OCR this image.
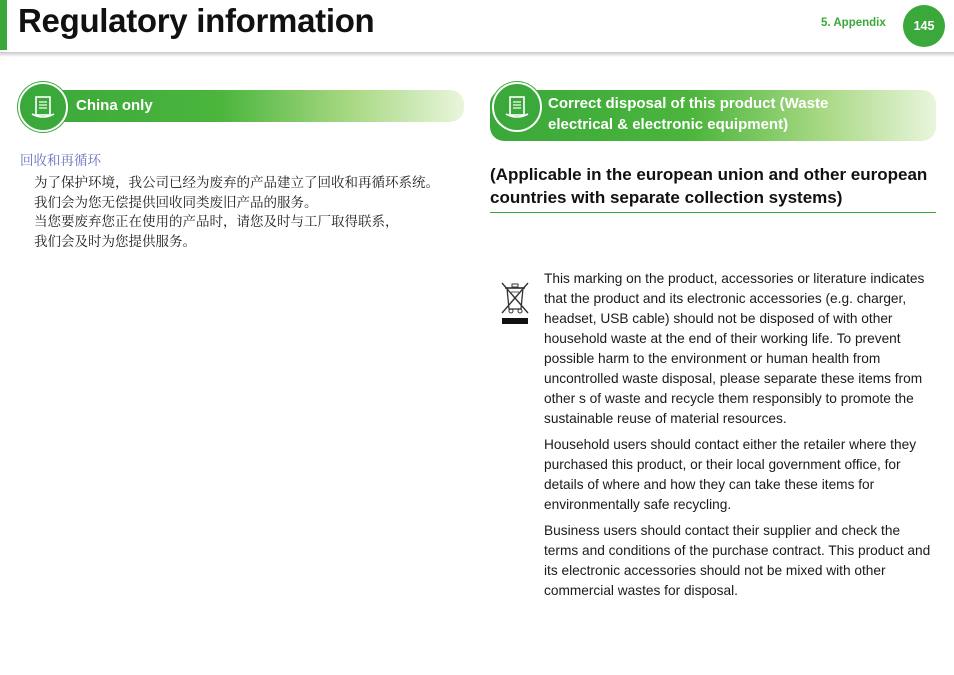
Regulatory information	5. Appendix	145
China only
回收和再循环

为了保护环境，我公司已经为废弃的产品建立了回收和再循环系统。

我们会为您无偿提供回收同类废旧产品的服务。

当您要废弃您正在使用的产品时，请您及时与工厂取得联系，

我们会及时为您提供服务。

Correct disposal of this product (Waste
electrical & electronic equipment)
(Applicable in the european union and other european countries with separate collection systems)

This marking on the product, accessories or literature indicates that the product and its electronic accessories (e.g. charger, headset, USB cable) should not be disposed of with other household waste at the end of their working life. To prevent possible harm to the environment or human health from uncontrolled waste disposal, please separate these items from other s of waste and recycle them responsibly to promote the sustainable reuse of material resources.

Household users should contact either the retailer where they purchased this product, or their local government office, for details of where and how they can take these items for environmentally safe recycling.

Business users should contact their supplier and check the terms and conditions of the purchase contract. This product and its electronic accessories should not be mixed with other commercial wastes for disposal.
